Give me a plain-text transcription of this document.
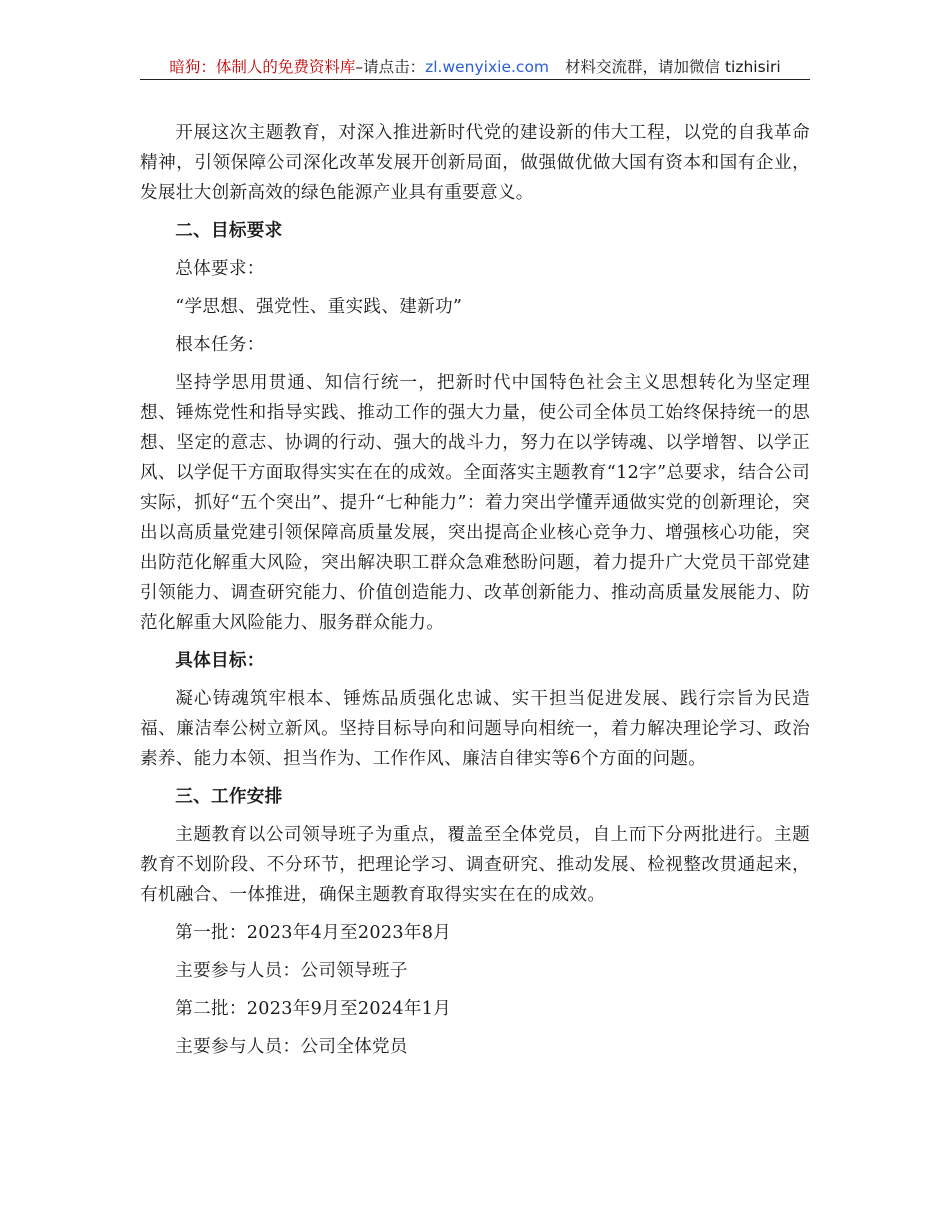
暗狗：体制人的免费资料库–请点击：zl.wenyixie.com 材料交流群，请加微信 tizhisiri

开展这次主题教育，对深入推进新时代党的建设新的伟大工程，以党的自我革命精神，引领保障公司深化改革发展开创新局面，做强做优做大国有资本和国有企业，发展壮大创新高效的绿色能源产业具有重要意义。

二、目标要求

总体要求：

“学思想、强党性、重实践、建新功”

根本任务：

坚持学思用贯通、知信行统一，把新时代中国特色社会主义思想转化为坚定理想、锤炼党性和指导实践、推动工作的强大力量，使公司全体员工始终保持统一的思想、坚定的意志、协调的行动、强大的战斗力，努力在以学铸魂、以学增智、以学正风、以学促干方面取得实实在在的成效。全面落实主题教育“12字”总要求，结合公司实际，抓好“五个突出”、提升“七种能力”：着力突出学懂弄通做实党的创新理论，突出以高质量党建引领保障高质量发展，突出提高企业核心竞争力、增强核心功能，突出防范化解重大风险，突出解决职工群众急难愁盼问题，着力提升广大党员干部党建引领能力、调查研究能力、价值创造能力、改革创新能力、推动高质量发展能力、防范化解重大风险能力、服务群众能力。

具体目标：

凝心铸魂筑牢根本、锤炼品质强化忠诚、实干担当促进发展、践行宗旨为民造福、廉洁奉公树立新风。坚持目标导向和问题导向相统一，着力解决理论学习、政治素养、能力本领、担当作为、工作作风、廉洁自律实等6个方面的问题。

三、工作安排

主题教育以公司领导班子为重点，覆盖至全体党员，自上而下分两批进行。主题教育不划阶段、不分环节，把理论学习、调查研究、推动发展、检视整改贯通起来，有机融合、一体推进，确保主题教育取得实实在在的成效。

第一批：2023年4月至2023年8月

主要参与人员：公司领导班子

第二批：2023年9月至2024年1月

主要参与人员：公司全体党员
